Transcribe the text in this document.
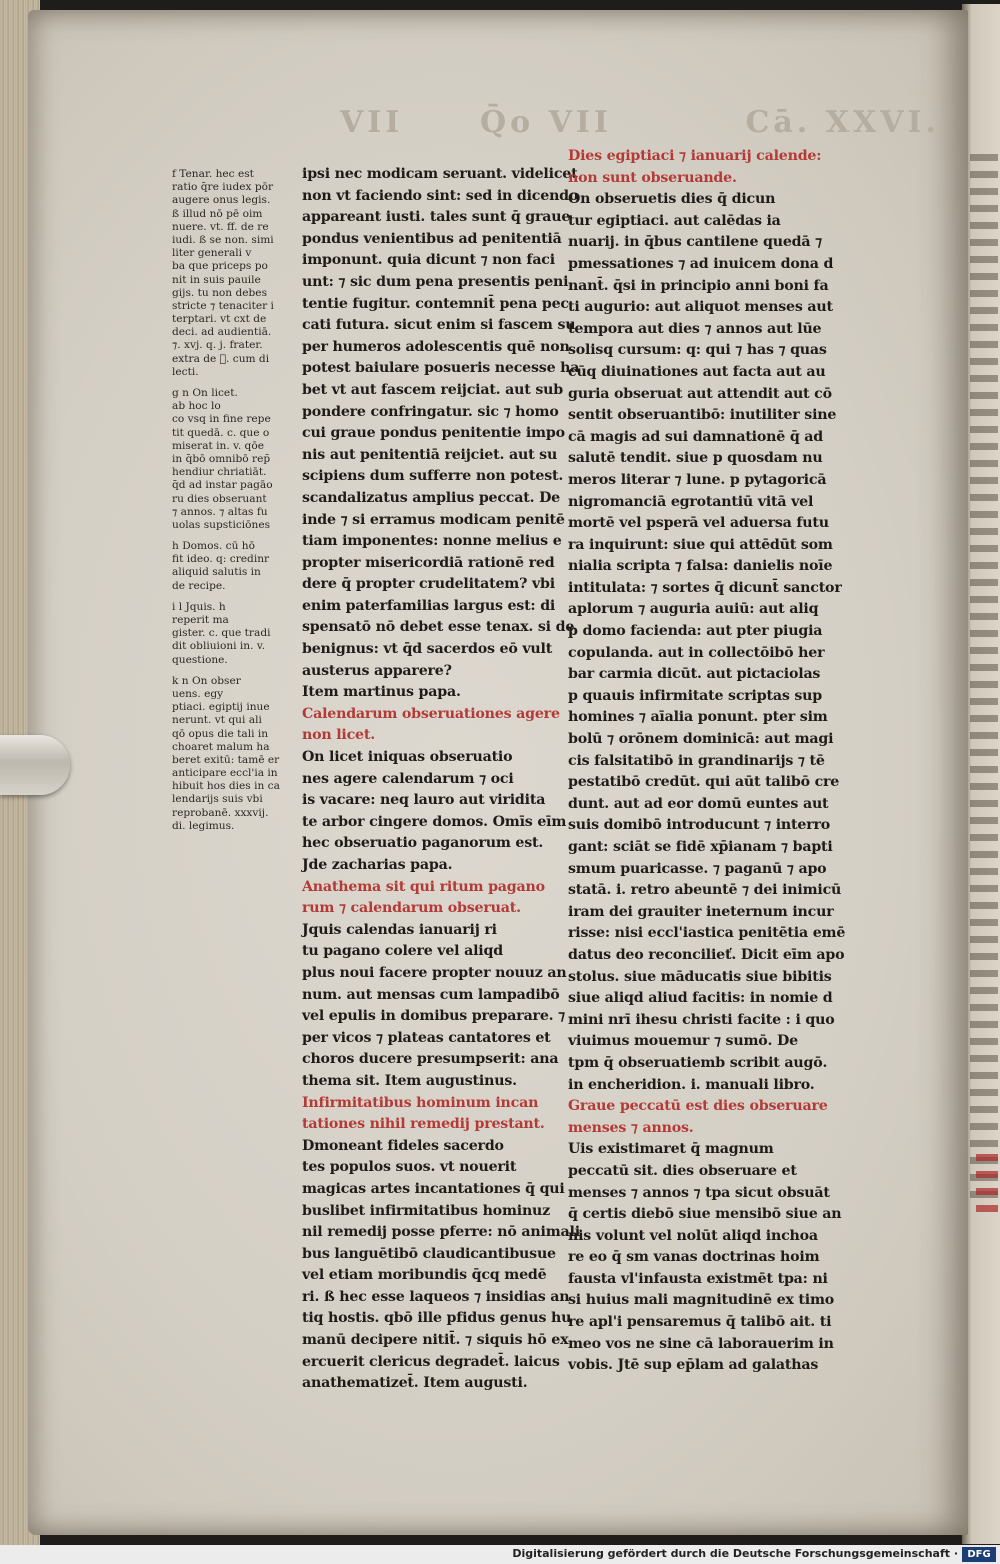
VII	Q̄o VII	Cā. XXVI.
f Tenar. hec est
ratio q̄re iudex pōr
augere onus legis.
ß illud nō pē oim
nuere. vt. ff. de re
iudi. ß se non. simi
liter generali v
ba que priceps po
nit in suis pauile
gijs. tu non debes
stricte ⁊ tenaciter i
terptari. vt cxt de
deci. ad audientiā.
⁊. xvj. q. j. frater.
extra de ᷓ. cum di
lecti.
g n On licet.
ab hoc lo
co vsq in fine repe
tit quedā. c. que o
miserat in. v. qōe
in q̄bō omnibō rep̄
hendiur chriatiāt.
q̄d ad instar pagāo
ru dies obseruant
⁊ annos. ⁊ altas fu
uolas supsticiōnes
h Domos. cū hō
fit ideo. q: credinr
aliquid salutis in
de recipe.
i l Jquis. h
reperit ma
gister. c. que tradi
dit obliuioni in. v.
questione.
k n On obser
uens. egy
ptiaci. egiptij inue
nerunt. vt qui ali
qō opus die tali in
choaret malum ha
beret exitū: tamē er
anticipare eccl'ia in
hibuit hos dies in ca
lendarijs suis vbi
reprobanē. xxxvij.
di. legimus.
ipsi nec modicam seruant. videlicet
non vt faciendo sint: sed in dicendo
appareant iusti. tales sunt q̄ graue
pondus venientibus ad penitentiā
imponunt. quia dicunt ⁊ non faci
unt: ⁊ sic dum pena presentis peni
tentie fugitur. contemnit̄ pena pec
cati futura. sicut enim si fascem su
per humeros adolescentis quē non
potest baiulare posueris necesse ha
bet vt aut fascem reijciat. aut sub
pondere confringatur. sic ⁊ homo
cui graue pondus penitentie impo
nis aut penitentiā reijciet. aut su
scipiens dum sufferre non potest.
scandalizatus amplius peccat. De
inde ⁊ si erramus modicam penitē
tiam imponentes: nonne melius e
propter misericordiā rationē red
dere q̄ propter crudelitatem? vbi
enim paterfamilias largus est: di
spensatō nō debet esse tenax. si de
benignus: vt q̄d sacerdos eō vult
austerus apparere?
Item martinus papa.
Calendarum obseruationes agere
non licet.
On licet iniquas obseruatio
nes agere calendarum ⁊ oci
is vacare: neq lauro aut viridita
te arbor cingere domos. Omīs eīm
hec obseruatio paganorum est.
Jde zacharias papa.
Anathema sit qui ritum pagano
rum ⁊ calendarum obseruat.
Jquis calendas ianuarij ri
tu pagano colere vel aliqd
plus noui facere propter nouuz an
num. aut mensas cum lampadibō
vel epulis in domibus preparare. ⁊
per vicos ⁊ plateas cantatores et
choros ducere presumpserit: ana
thema sit. Item augustinus.
Infirmitatibus hominum incan
tationes nihil remedij prestant.
Dmoneant fideles sacerdo
tes populos suos. vt nouerit
magicas artes incantationes q̄ qui
buslibet infirmitatibus hominuz
nil remedij posse pferre: nō animali
bus languētibō claudicantibusue
vel etiam moribundis q̄cq medē
ri. ß hec esse laqueos ⁊ insidias an
tiq hostis. qbō ille pfidus genus hu
manū decipere nitit̄. ⁊ siquis hō ex
ercuerit clericus degradet̄. laicus
anathematizet̄. Item augusti.
Dies egiptiaci ⁊ ianuarij calende:
non sunt obseruande.
On obseruetis dies q̄ dicun
tur egiptiaci. aut calēdas ia
nuarij. in q̄bus cantilene quedā ⁊
pmessationes ⁊ ad inuicem dona d
nant̄. q̄si in principio anni boni fa
ti augurio: aut aliquot menses aut
tempora aut dies ⁊ annos aut lūe
solisq cursum: q: qui ⁊ has ⁊ quas
cūq diuinationes aut facta aut au
guria obseruat aut attendit aut cō
sentit obseruantibō: inutiliter sine
cā magis ad sui damnationē q̄ ad
salutē tendit. siue p quosdam nu
meros literar ⁊ lune. p pytagoricā
nigromanciā egrotantiū vitā vel
mortē vel psperā vel aduersa futu
ra inquirunt: siue qui attēdūt som
nialia scripta ⁊ falsa: danielis noīe
intitulata: ⁊ sortes q̄ dicunt̄ sanctor
aplorum ⁊ auguria auiū: aut aliq
p domo facienda: aut pter piugia
copulanda. aut in collectōibō her
bar carmia dicūt. aut pictaciolas
p quauis infirmitate scriptas sup
homines ⁊ aīalia ponunt. pter sim
bolū ⁊ orōnem dominicā: aut magi
cis falsitatibō in grandinarijs ⁊ tē
pestatibō credūt. qui aūt talibō cre
dunt. aut ad eor domū euntes aut
suis domibō introducunt ⁊ interro
gant: sciāt se fidē xp̄ianam ⁊ bapti
smum puaricasse. ⁊ paganū ⁊ apo
statā. i. retro abeuntē ⁊ dei inimicū
iram dei grauiter ineternum incur
risse: nisi eccl'iastica penitētia emē
datus deo reconcilieť. Dicit eīm apo
stolus. siue māducatis siue bibitis
siue aliqd aliud facitis: in nomie d
mini nrī ihesu christi facite : i quo
viuimus mouemur ⁊ sumō. De
tpm q̄ obseruatiemb scribit augō.
in encheridion. i. manuali libro.
Graue peccatū est dies obseruare
menses ⁊ annos.
Uis existimaret q̄ magnum
peccatū sit. dies obseruare et
menses ⁊ annos ⁊ tpa sicut obsuāt
q̄ certis diebō siue mensibō siue an
nis volunt vel nolūt aliqd inchoa
re eo q̄ sm vanas doctrinas hoim
fausta vl'infausta existmēt tpa: ni
si huius mali magnitudinē ex timo
re apl'i pensaremus q̄ talibō ait. ti
meo vos ne sine cā laborauerim in
vobis. Jtē sup ep̄lam ad galathas
Digitalisierung gefördert durch die Deutsche Forschungsgemeinschaft · DFG
